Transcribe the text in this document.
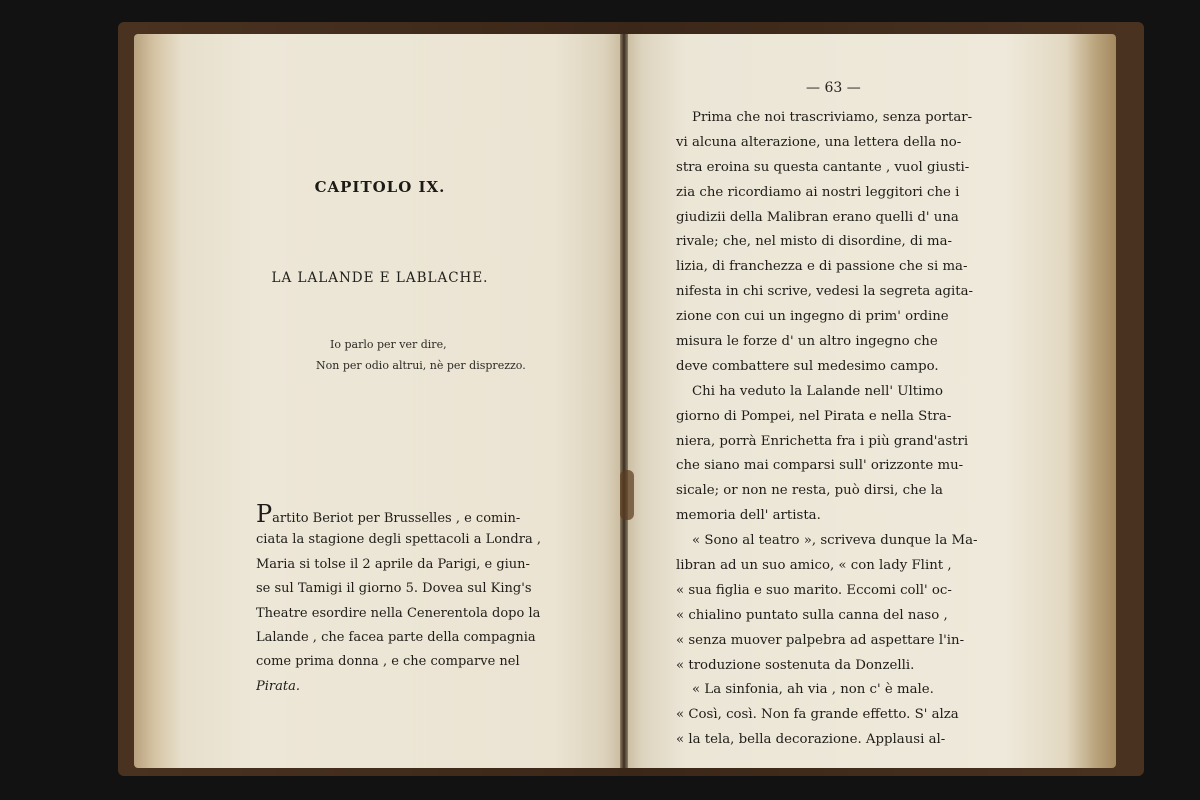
CAPITOLO IX.
LA LALANDE E LABLACHE.
Io parlo per ver dire,
Non per odio altrui, nè per disprezzo.
Partito Beriot per Brusselles , e comin-
ciata la stagione degli spettacoli a Londra ,
Maria si tolse il 2 aprile da Parigi, e giun-
se sul Tamigi il giorno 5. Dovea sul King's
Theatre esordire nella Cenerentola dopo la
Lalande , che facea parte della compagnia
come prima donna , e che comparve nel
Pirata.
— 63 —
Prima che noi trascriviamo, senza portar-
vi alcuna alterazione, una lettera della no-
stra eroina su questa cantante , vuol giusti-
zia che ricordiamo ai nostri leggitori che i
giudizii della Malibran erano quelli d' una
rivale; che, nel misto di disordine, di ma-
lizia, di franchezza e di passione che si ma-
nifesta in chi scrive, vedesi la segreta agita-
zione con cui un ingegno di prim' ordine
misura le forze d' un altro ingegno che
deve combattere sul medesimo campo.
Chi ha veduto la Lalande nell' Ultimo
giorno di Pompei, nel Pirata e nella Stra-
niera, porrà Enrichetta fra i più grand'astri
che siano mai comparsi sull' orizzonte mu-
sicale; or non ne resta, può dirsi, che la
memoria dell' artista.
« Sono al teatro », scriveva dunque la Ma-
libran ad un suo amico, « con lady Flint ,
« sua figlia e suo marito. Eccomi coll' oc-
« chialino puntato sulla canna del naso ,
« senza muover palpebra ad aspettare l'in-
« troduzione sostenuta da Donzelli.
« La sinfonia, ah via , non c' è male.
« Così, così. Non fa grande effetto. S' alza
« la tela, bella decorazione. Applausi al-
